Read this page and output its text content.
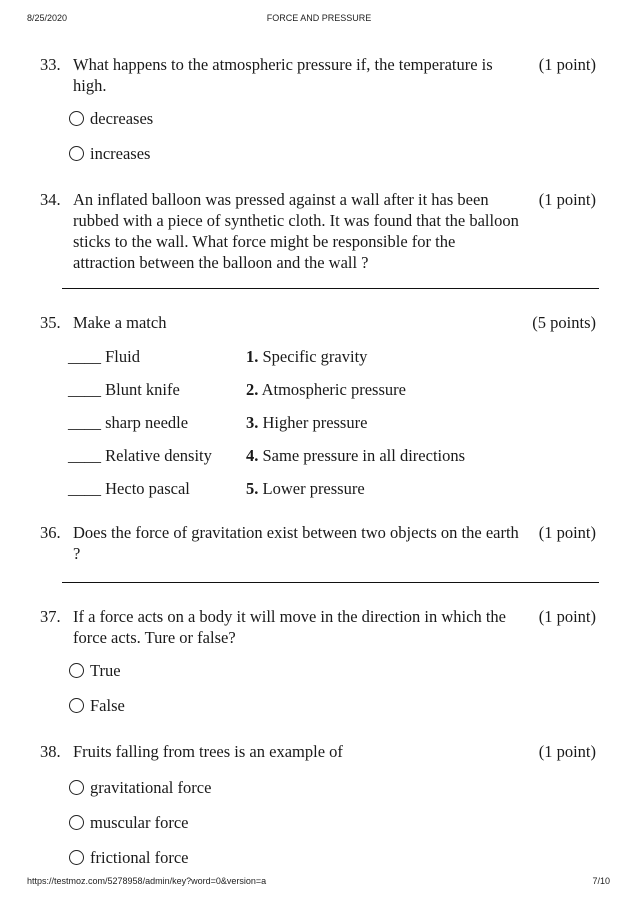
8/25/2020	FORCE AND PRESSURE
33. What happens to the atmospheric pressure if, the temperature is
high.
(1 point)
decreases
increases
34. An inflated balloon was pressed against a wall after it has been
rubbed with a piece of synthetic cloth. It was found that the balloon
sticks to the wall. What force might be responsible for the
attraction between the balloon and the wall ?
(1 point)
35. Make a match	(5 points)
____ Fluid	1. Specific gravity
____ Blunt knife	2. Atmospheric pressure
____ sharp needle	3. Higher pressure
____ Relative density 4. Same pressure in all directions
____ Hecto pascal	5. Lower pressure
36. Does the force of gravitation exist between two objects on the earth
?
(1 point)
37. If a force acts on a body it will move in the direction in which the
force acts. Ture or false?
(1 point)
True
False
38. Fruits falling from trees is an example of	(1 point)
gravitational force
muscular force
frictional force
https://testmoz.com/5278958/admin/key?word=0&version=a	7/10
